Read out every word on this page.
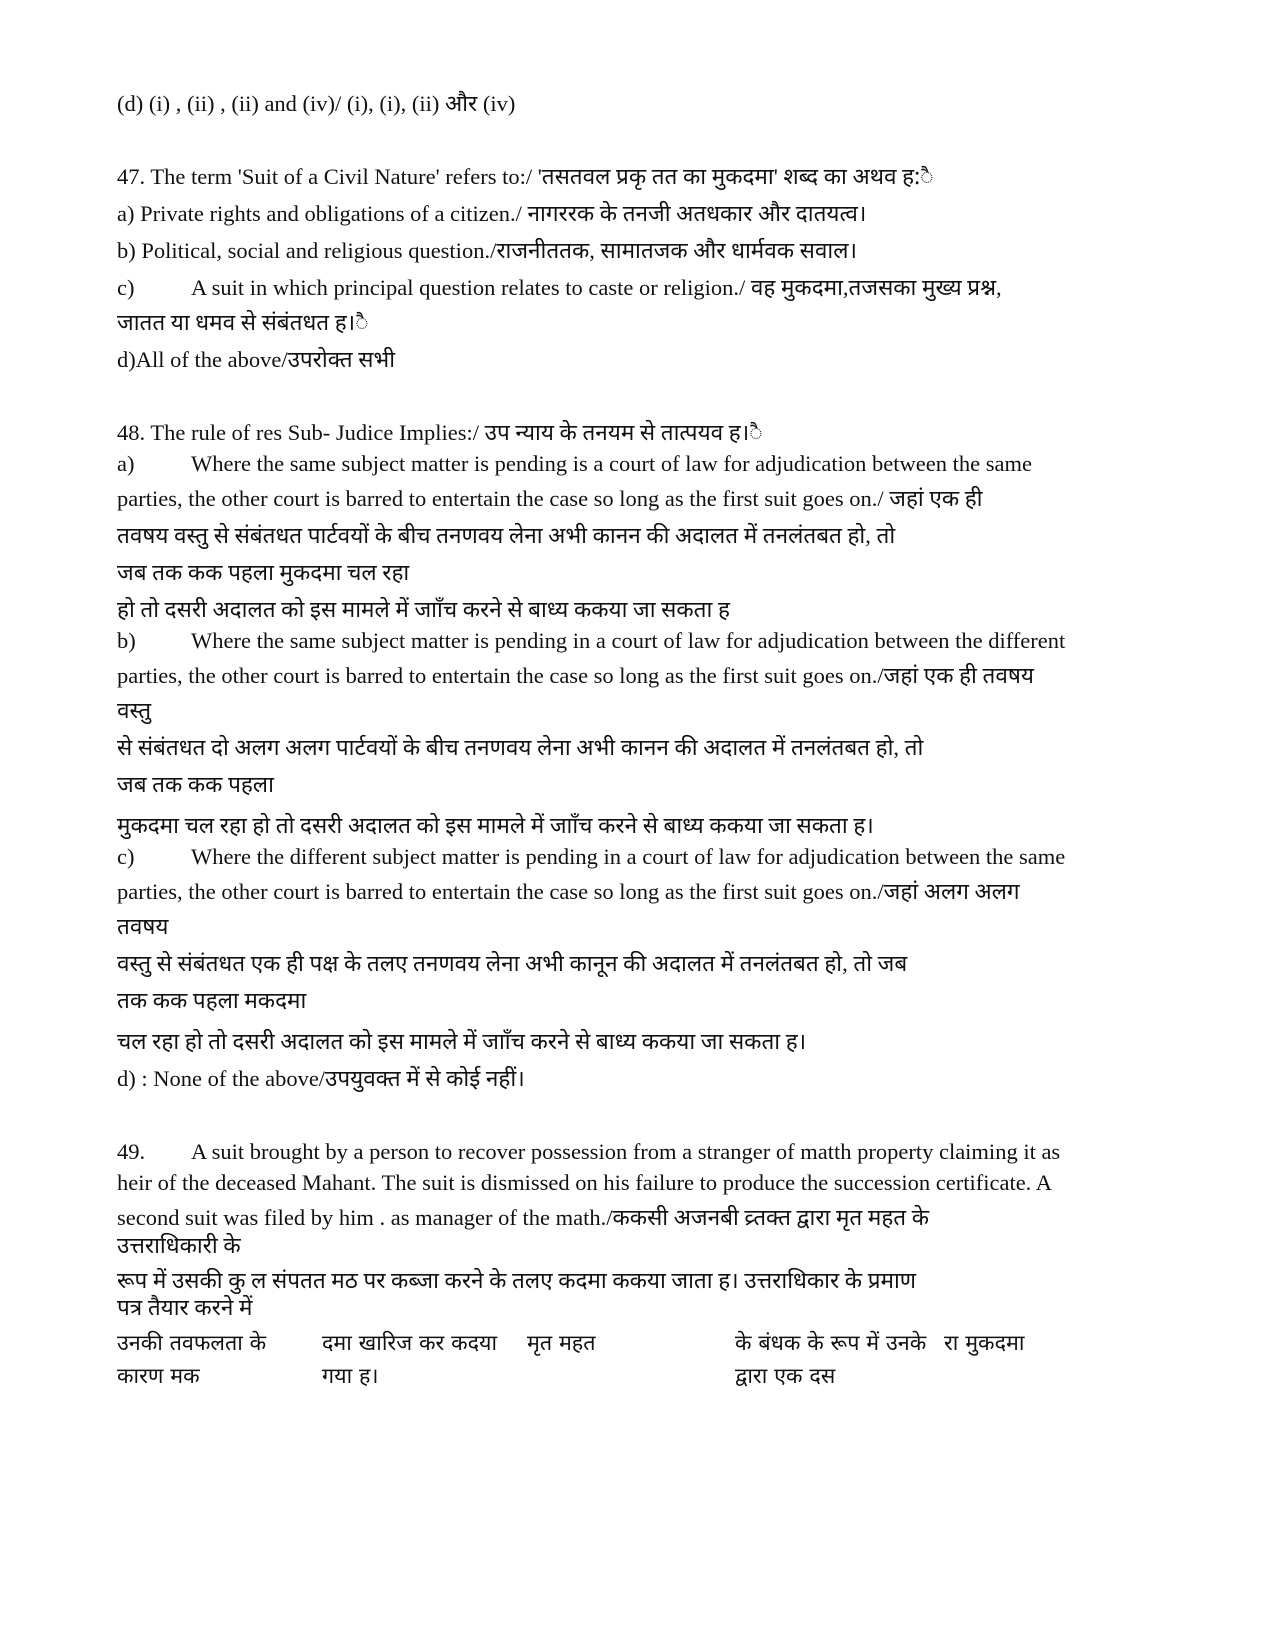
(d) (i) , (ii) , (ii) and (iv)/ (i), (i), (ii) और (iv)
47. The term 'Suit of a Civil Nature' refers to:/ 'तसतवल प्रकृ तत का मुकदमा' शब्द का अथव ह:ै
a) Private rights and obligations of a citizen./ नागररक के तनजी अतधकार और दातयत्व।
b) Political, social and religious question./राजनीततक, सामातजक और धार्मवक सवाल।
c)	A suit in which principal question relates to caste or religion./ वह मुकदमा,तजसका मुख्य प्रश्न,
जातत या धमव से संबंतधत ह।ै
d)All of the above/उपरोक्त सभी
48. The rule of res Sub- Judice Implies:/ उप न्याय के तनयम से तात्पयव ह।ै
a)	Where the same subject matter is pending is a court of law for adjudication between the same
parties, the other court is barred to entertain the case so long as the first suit goes on./ जहां एक ही
तवषय वस्तु से संबंतधत पार्टवयों के बीच तनणवय लेना अभी कानन की अदालत में तनलंतबत हो, तो
जब तक कक पहला मुकदमा चल रहा
हो तो दसरी अदालत को इस मामले में जााँच करने से बाध्य ककया जा सकता ह
b) Where the same subject matter is pending in a court of law for adjudication between the different
parties, the other court is barred to entertain the case so long as the first suit goes on./जहां एक ही तवषय
वस्तु
से संबंतधत दो अलग अलग पार्टवयों के बीच तनणवय लेना अभी कानन की अदालत में तनलंतबत हो, तो
जब तक कक पहला
मुकदमा चल रहा हो तो दसरी अदालत को इस मामले में जााँच करने से बाध्य ककया जा सकता ह।
c)	Where the different subject matter is pending in a court of law for adjudication between the same
parties, the other court is barred to entertain the case so long as the first suit goes on./जहां अलग अलग
तवषय
वस्तु से संबंतधत एक ही पक्ष के तलए तनणवय लेना अभी कानून की अदालत में तनलंतबत हो, तो जब
तक कक पहला मकदमा
चल रहा हो तो दसरी अदालत को इस मामले में जााँच करने से बाध्य ककया जा सकता ह।
d) : None of the above/उपयुवक्त में से कोई नहीं।
49. A suit brought by a person to recover possession from a stranger of matth property claiming it as
heir of the deceased Mahant. The suit is dismissed on his failure to produce the succession certificate. A
second suit was filed by him . as manager of the math./ककसी अजनबी व्र्तक्त द्वारा मृत महत के
उत्तराधिकारी के
रूप में उसकी कु ल संपतत मठ पर कब्जा करने के तलए कदमा ककया जाता ह। उत्तराधिकार के प्रमाण
पत्र तैयार करने में
उनकी तवफलता के कारण मक
दमा खारिज कर कदया गया ह।
मृत महत	के बंधक के रूप में उनके द्वारा एक दस
रा मुकदमा
